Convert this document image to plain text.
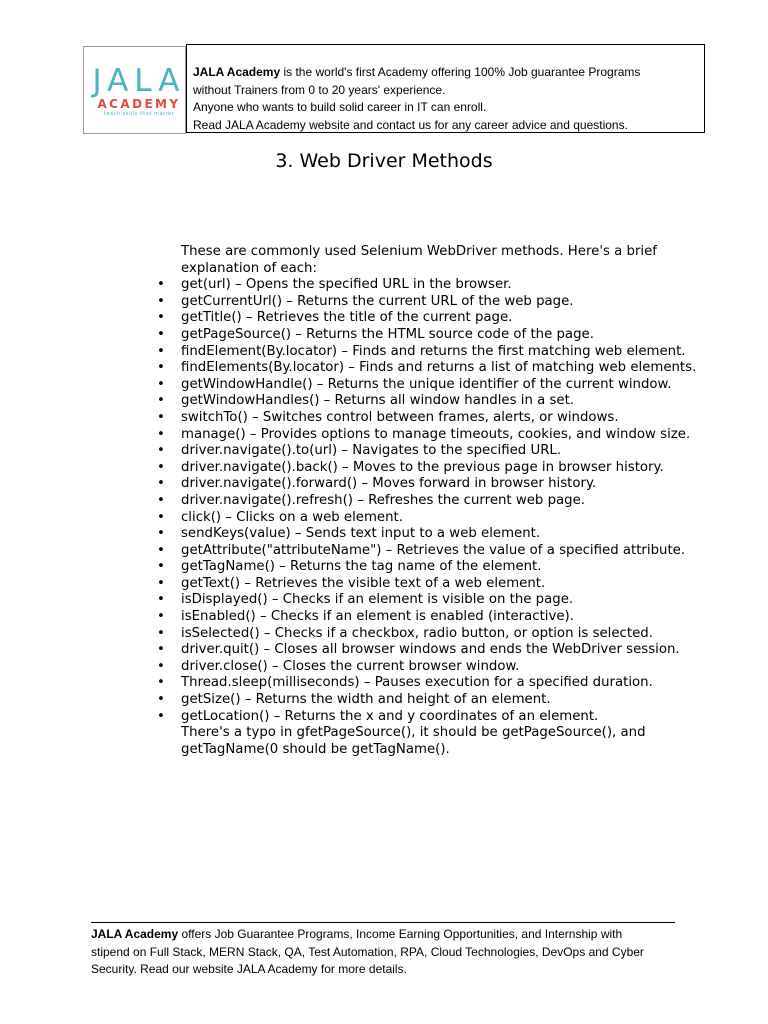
JALA
ACADEMY
teach skills that matter

JALA Academy is the world's first Academy offering 100% Job guarantee Programs

without Trainers from 0 to 20 years' experience.

Anyone who wants to build solid career in IT can enroll.

Read JALA Academy website and contact us for any career advice and questions.

3. Web Driver Methods

These are commonly used Selenium WebDriver methods. Here's a brief

explanation of each:

• get(url) – Opens the specified URL in the browser.
• getCurrentUrl() – Returns the current URL of the web page.
• getTitle() – Retrieves the title of the current page.
• getPageSource() – Returns the HTML source code of the page.
• findElement(By.locator) – Finds and returns the first matching web element.
• findElements(By.locator) – Finds and returns a list of matching web elements.
• getWindowHandle() – Returns the unique identifier of the current window.
• getWindowHandles() – Returns all window handles in a set.
• switchTo() – Switches control between frames, alerts, or windows.
• manage() – Provides options to manage timeouts, cookies, and window size.
• driver.navigate().to(url) – Navigates to the specified URL.
• driver.navigate().back() – Moves to the previous page in browser history.
• driver.navigate().forward() – Moves forward in browser history.
• driver.navigate().refresh() – Refreshes the current web page.
• click() – Clicks on a web element.
• sendKeys(value) – Sends text input to a web element.
• getAttribute("attributeName") – Retrieves the value of a specified attribute.
• getTagName() – Returns the tag name of the element.
• getText() – Retrieves the visible text of a web element.
• isDisplayed() – Checks if an element is visible on the page.
• isEnabled() – Checks if an element is enabled (interactive).
• isSelected() – Checks if a checkbox, radio button, or option is selected.
• driver.quit() – Closes all browser windows and ends the WebDriver session.
• driver.close() – Closes the current browser window.
• Thread.sleep(milliseconds) – Pauses execution for a specified duration.
• getSize() – Returns the width and height of an element.
• getLocation() – Returns the x and y coordinates of an element.

There's a typo in gfetPageSource(), it should be getPageSource(), and

getTagName(0 should be getTagName().

JALA Academy offers Job Guarantee Programs, Income Earning Opportunities, and Internship with

stipend on Full Stack, MERN Stack, QA, Test Automation, RPA, Cloud Technologies, DevOps and Cyber

Security. Read our website JALA Academy for more details.
